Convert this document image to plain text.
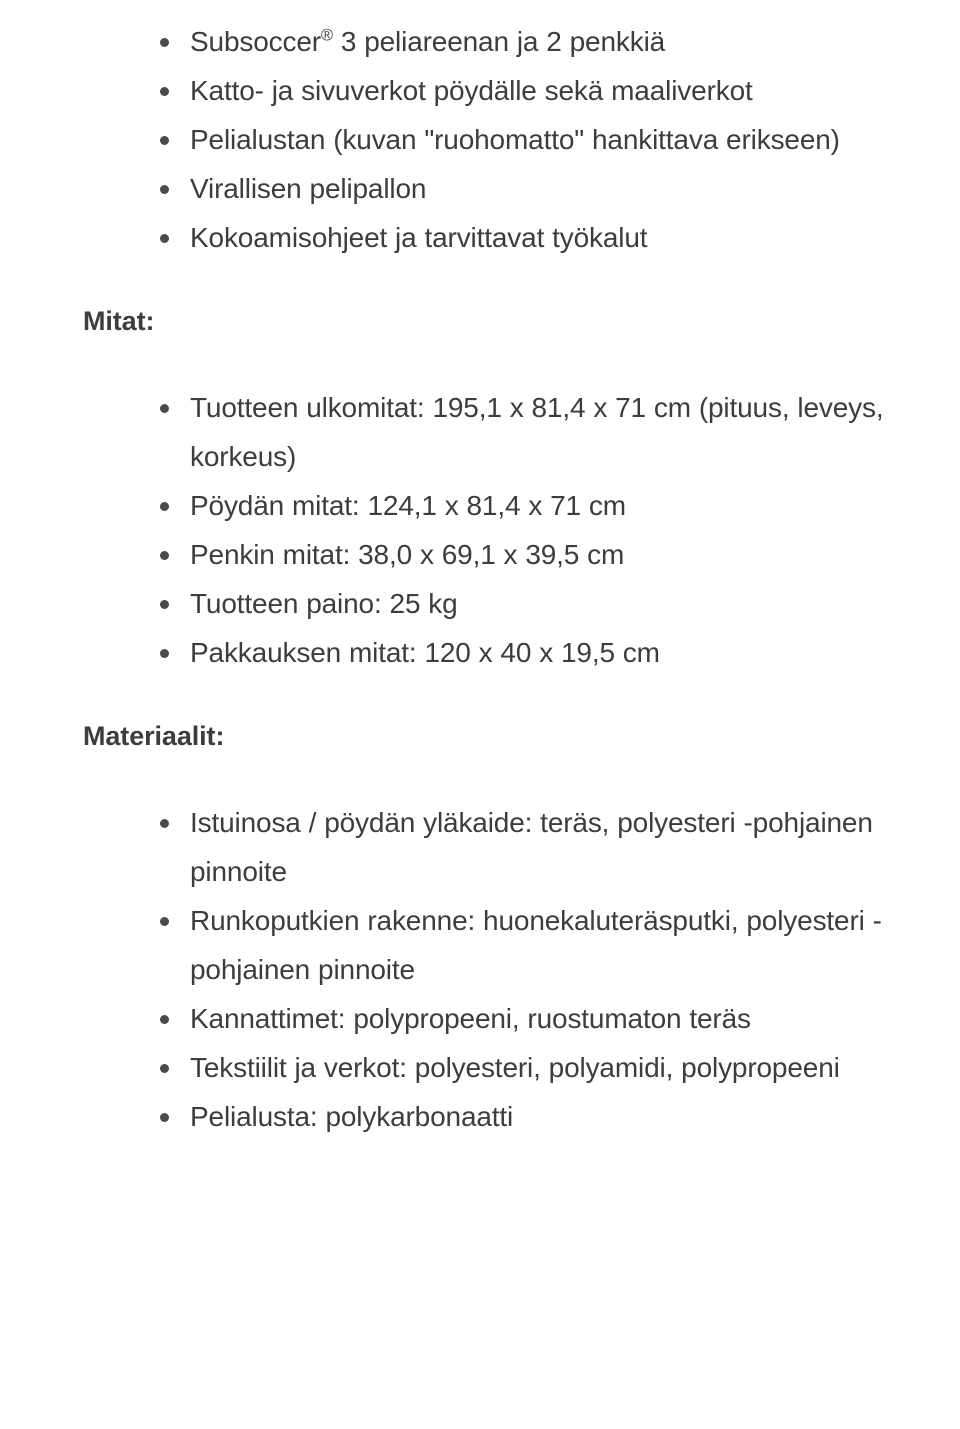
Subsoccer® 3 peliareenan ja 2 penkkiä
Katto- ja sivuverkot pöydälle sekä maaliverkot
Pelialustan (kuvan "ruohomatto" hankittava erikseen)
Virallisen pelipallon
Kokoamisohjeet ja tarvittavat työkalut
Mitat:
Tuotteen ulkomitat: 195,1 x 81,4 x 71 cm (pituus, leveys, korkeus)
Pöydän mitat: 124,1 x 81,4 x 71 cm
Penkin mitat: 38,0 x 69,1 x 39,5 cm
Tuotteen paino: 25 kg
Pakkauksen mitat: 120 x 40 x 19,5 cm
Materiaalit:
Istuinosa / pöydän yläkaide: teräs, polyesteri -pohjainen pinnoite
Runkoputkien rakenne: huonekaluteräsputki, polyesteri -pohjainen pinnoite
Kannattimet: polypropeeni, ruostumaton teräs
Tekstiilit ja verkot: polyesteri, polyamidi, polypropeeni
Pelialusta: polykarbonaatti
